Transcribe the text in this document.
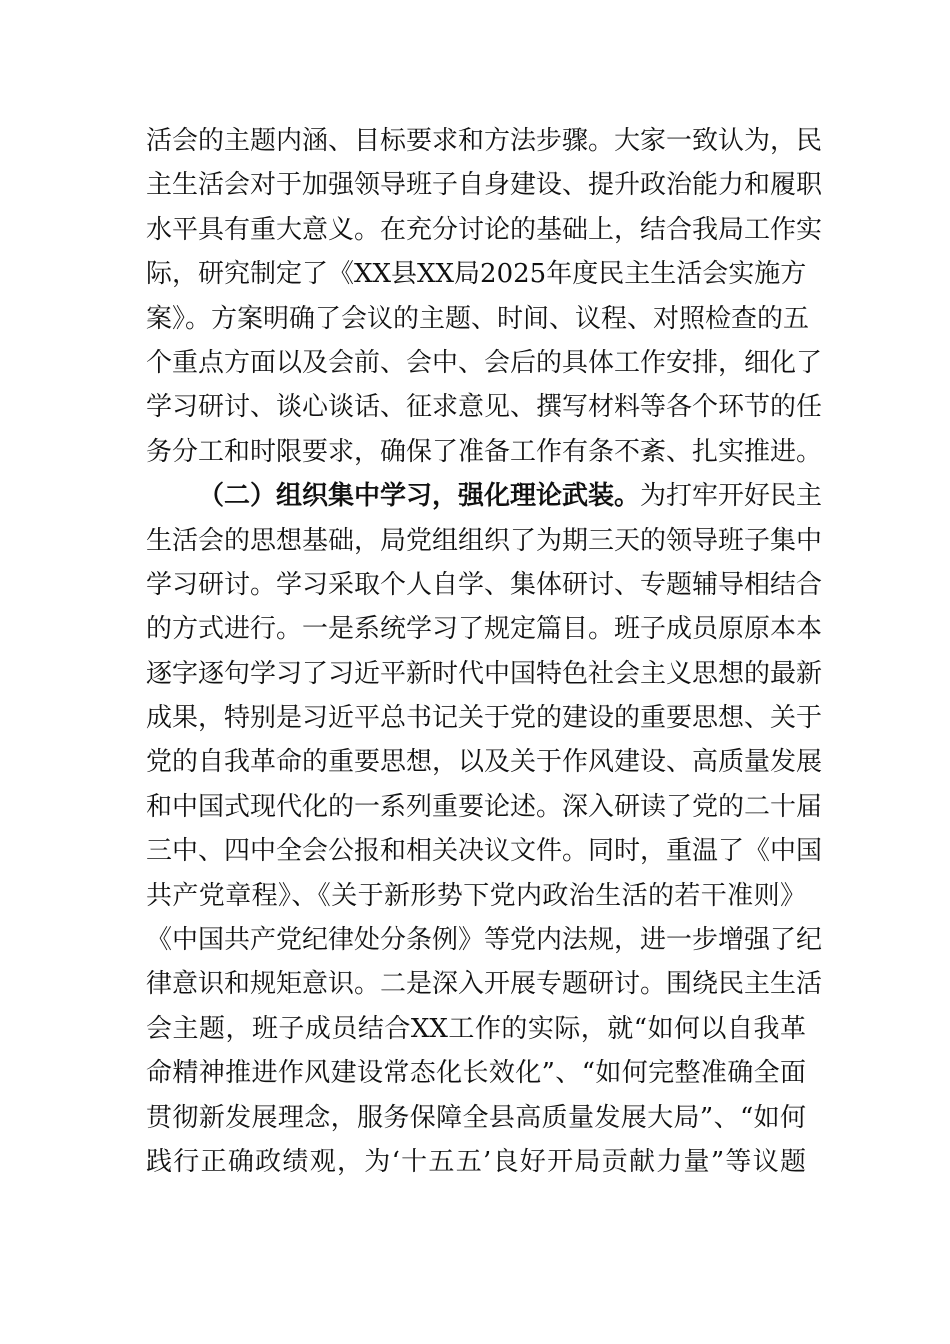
活会的主题内涵、目标要求和方法步骤。大家一致认为，民
主生活会对于加强领导班子自身建设、提升政治能力和履职
水平具有重大意义。在充分讨论的基础上，结合我局工作实
际，研究制定了《XX县XX局2025年度民主生活会实施方
案》。方案明确了会议的主题、时间、议程、对照检查的五
个重点方面以及会前、会中、会后的具体工作安排，细化了
学习研讨、谈心谈话、征求意见、撰写材料等各个环节的任
务分工和时限要求，确保了准备工作有条不紊、扎实推进。
（二）组织集中学习，强化理论武装。为打牢开好民主
生活会的思想基础，局党组组织了为期三天的领导班子集中
学习研讨。学习采取个人自学、集体研讨、专题辅导相结合
的方式进行。一是系统学习了规定篇目。班子成员原原本本
逐字逐句学习了习近平新时代中国特色社会主义思想的最新
成果，特别是习近平总书记关于党的建设的重要思想、关于
党的自我革命的重要思想，以及关于作风建设、高质量发展
和中国式现代化的一系列重要论述。深入研读了党的二十届
三中、四中全会公报和相关决议文件。同时，重温了《中国
共产党章程》、《关于新形势下党内政治生活的若干准则》
《中国共产党纪律处分条例》等党内法规，进一步增强了纪
律意识和规矩意识。二是深入开展专题研讨。围绕民主生活
会主题，班子成员结合XX工作的实际，就“如何以自我革
命精神推进作风建设常态化长效化”、“如何完整准确全面
贯彻新发展理念，服务保障全县高质量发展大局”、“如何
践行正确政绩观，为‘十五五’良好开局贡献力量”等议题
